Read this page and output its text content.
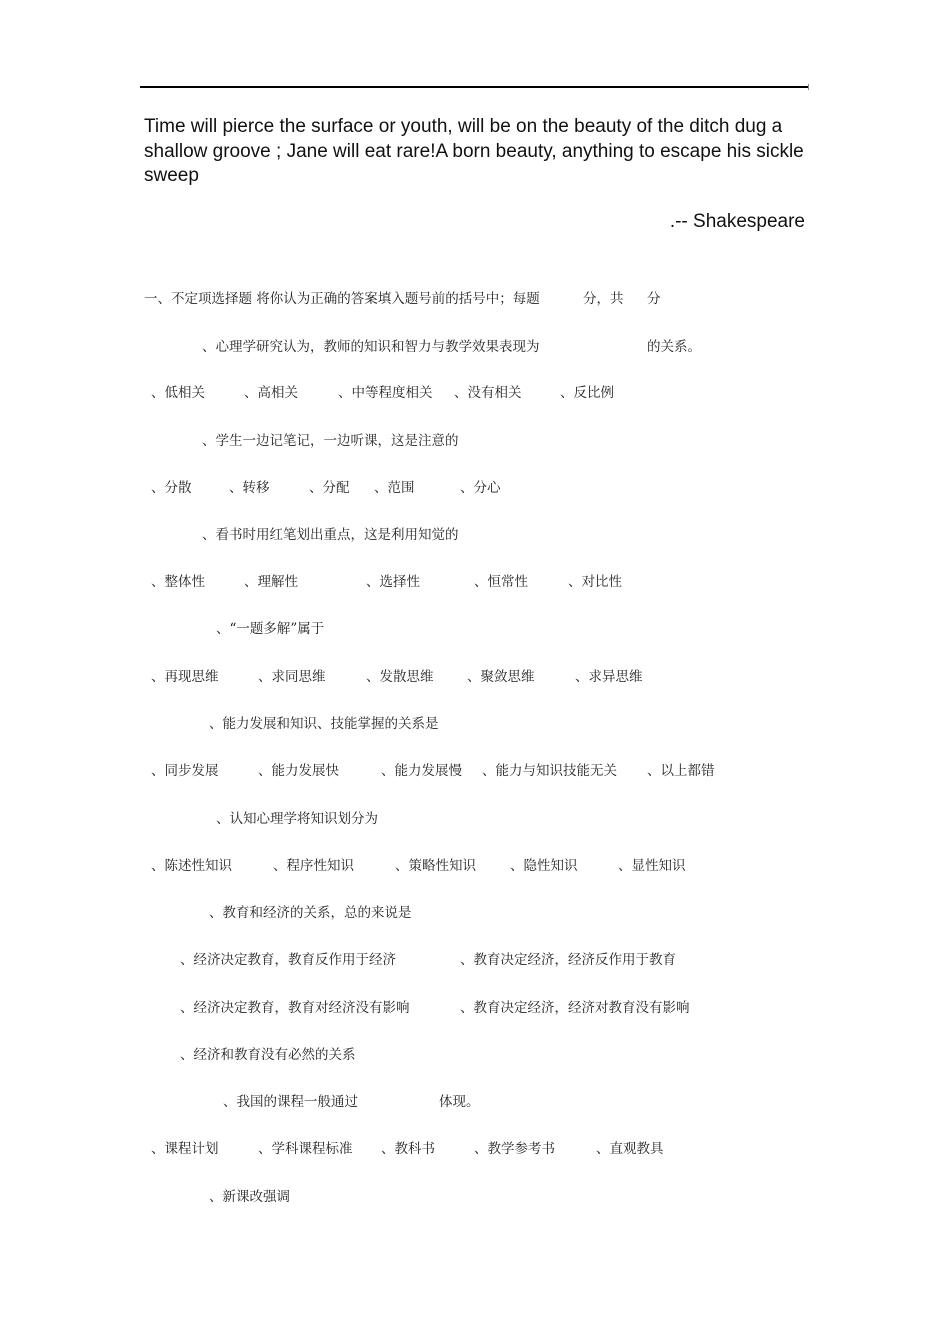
Time will pierce the surface or youth, will be on the beauty of the ditch dug a shallow groove ; Jane will eat rare!A born beauty, anything to escape his sickle sweep
.-- Shakespeare
一、不定项选择题 将你认为正确的答案填入题号前的括号中；每题	分，共 分
、心理学研究认为，教师的知识和智力与教学效果表现为	的关系。
、低相关	、高相关	、中等程度相关 、没有相关	、反比例
、学生一边记笔记，一边听课，这是注意的
、分散	、转移	、分配 、范围	、分心
、看书时用红笔划出重点，这是利用知觉的
、整体性	、理解性	、选择性	、恒常性	、对比性
、“一题多解”属于
、再现思维	、求同思维	、发散思维 、聚敛思维	、求异思维
、能力发展和知识、技能掌握的关系是
、同步发展	、能力发展快	、能力发展慢 、能力与知识技能无关 、以上都错
、认知心理学将知识划分为
、陈述性知识	、程序性知识	、策略性知识	、隐性知识	、显性知识
、教育和经济的关系，总的来说是
、经济决定教育，教育反作用于经济	、教育决定经济，经济反作用于教育
、经济决定教育，教育对经济没有影响	、教育决定经济，经济对教育没有影响
、经济和教育没有必然的关系
、我国的课程一般通过	体现。
、课程计划	、学科课程标准 、教科书	、教学参考书	、直观教具
、新课改强调
